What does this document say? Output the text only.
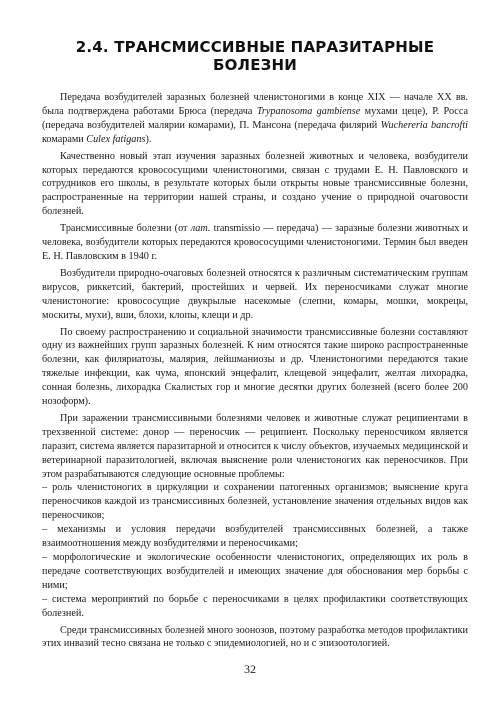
2.4. ТРАНСМИССИВНЫЕ ПАРАЗИТАРНЫЕ БОЛЕЗНИ

Передача возбудителей заразных болезней членистоногими в конце XIX — начале XX вв. была подтверждена работами Брюса (передача Trypanosoma gambiense мухами цеце), Р. Росса (передача возбудителей малярии комарами), П. Мансона (передача филярий Wuchereria bancrofti комарами Culex fatigans).

Качественно новый этап изучения заразных болезней животных и человека, возбудители которых передаются кровососущими членистоногими, связан с трудами Е. Н. Павловского и сотрудников его школы, в результате которых были открыты новые трансмиссивные болезни, распространенные на территории нашей страны, и создано учение о природной очаговости болезней.

Трансмиссивные болезни (от лат. transmissio — передача) — заразные болезни животных и человека, возбудители которых передаются кровососущими членистоногими. Термин был введен Е. Н. Павловским в 1940 г.

Возбудители природно-очаговых болезней относятся к различным систематическим группам вирусов, риккетсий, бактерий, простейших и червей. Их переносчиками служат многие членистоногие: кровососущие двукрылые насекомые (слепни, комары, мошки, мокрецы, москиты, мухи), вши, блохи, клопы, клещи и др.

По своему распространению и социальной значимости трансмиссивные болезни составляют одну из важнейших групп заразных болезней. К ним относятся такие широко распространенные болезни, как филяриатозы, малярия, лейшманиозы и др. Членистоногими передаются такие тяжелые инфекции, как чума, японский энцефалит, клещевой энцефалит, желтая лихорадка, сонная болезнь, лихорадка Скалистых гор и многие десятки других болезней (всего более 200 нозоформ).

При заражении трансмиссивными болезнями человек и животные служат реципиентами в трехзвенной системе: донор — переносчик — реципиент. Поскольку переносчиком является паразит, система является паразитарной и относится к числу объектов, изучаемых медицинской и ветеринарной паразитологией, включая выяснение роли членистоногих как переносчиков. При этом разрабатываются следующие основные проблемы:

– роль членистоногих в циркуляции и сохранении патогенных организмов; выяснение круга переносчиков каждой из трансмиссивных болезней, установление значения отдельных видов как переносчиков;

– механизмы и условия передачи возбудителей трансмиссивных болезней, а также взаимоотношения между возбудителями и переносчиками;

– морфологические и экологические особенности членистоногих, определяющих их роль в передаче соответствующих возбудителей и имеющих значение для обоснования мер борьбы с ними;

– система мероприятий по борьбе с переносчиками в целях профилактики соответствующих болезней.

Среди трансмиссивных болезней много зоонозов, поэтому разработка методов профилактики этих инвазий тесно связана не только с эпидемиологией, но и с эпизоотологией.

32
